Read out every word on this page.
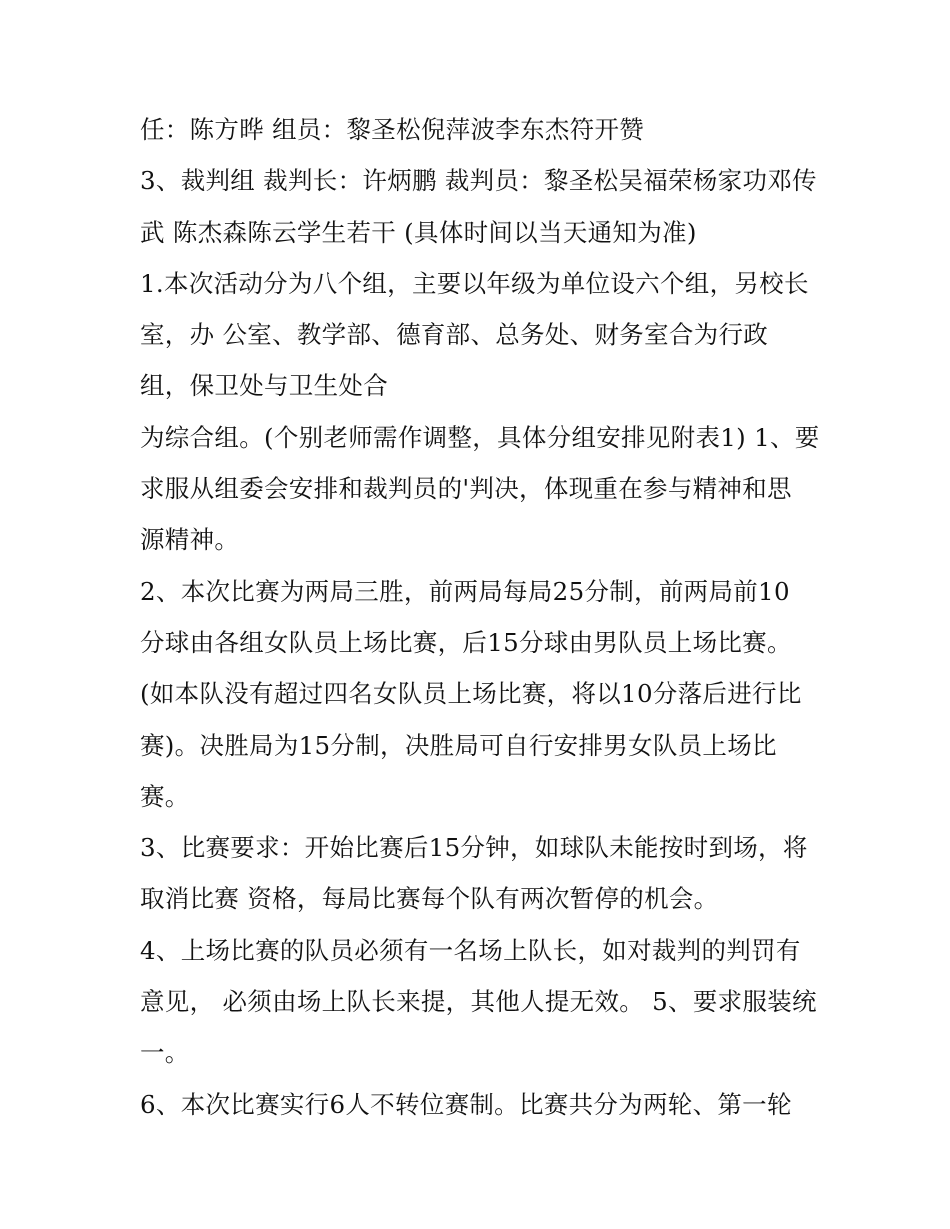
任：陈方晔 组员：黎圣松倪萍波李东杰符开赞
3、裁判组 裁判长：许炳鹏 裁判员：黎圣松吴福荣杨家功邓传
武 陈杰森陈云学生若干 (具体时间以当天通知为准)
1.本次活动分为八个组，主要以年级为单位设六个组，另校长
室，办 公室、教学部、德育部、总务处、财务室合为行政
组，保卫处与卫生处合
为综合组。(个别老师需作调整，具体分组安排见附表1) 1、要
求服从组委会安排和裁判员的'判决，体现重在参与精神和思
源精神。
2、本次比赛为两局三胜，前两局每局25分制，前两局前10
分球由各组女队员上场比赛，后15分球由男队员上场比赛。
(如本队没有超过四名女队员上场比赛，将以10分落后进行比
赛)。决胜局为15分制，决胜局可自行安排男女队员上场比
赛。
3、比赛要求：开始比赛后15分钟，如球队未能按时到场，将
取消比赛 资格，每局比赛每个队有两次暂停的机会。
4、上场比赛的队员必须有一名场上队长，如对裁判的判罚有
意见， 必须由场上队长来提，其他人提无效。 5、要求服装统
一。
6、本次比赛实行6人不转位赛制。比赛共分为两轮、第一轮
